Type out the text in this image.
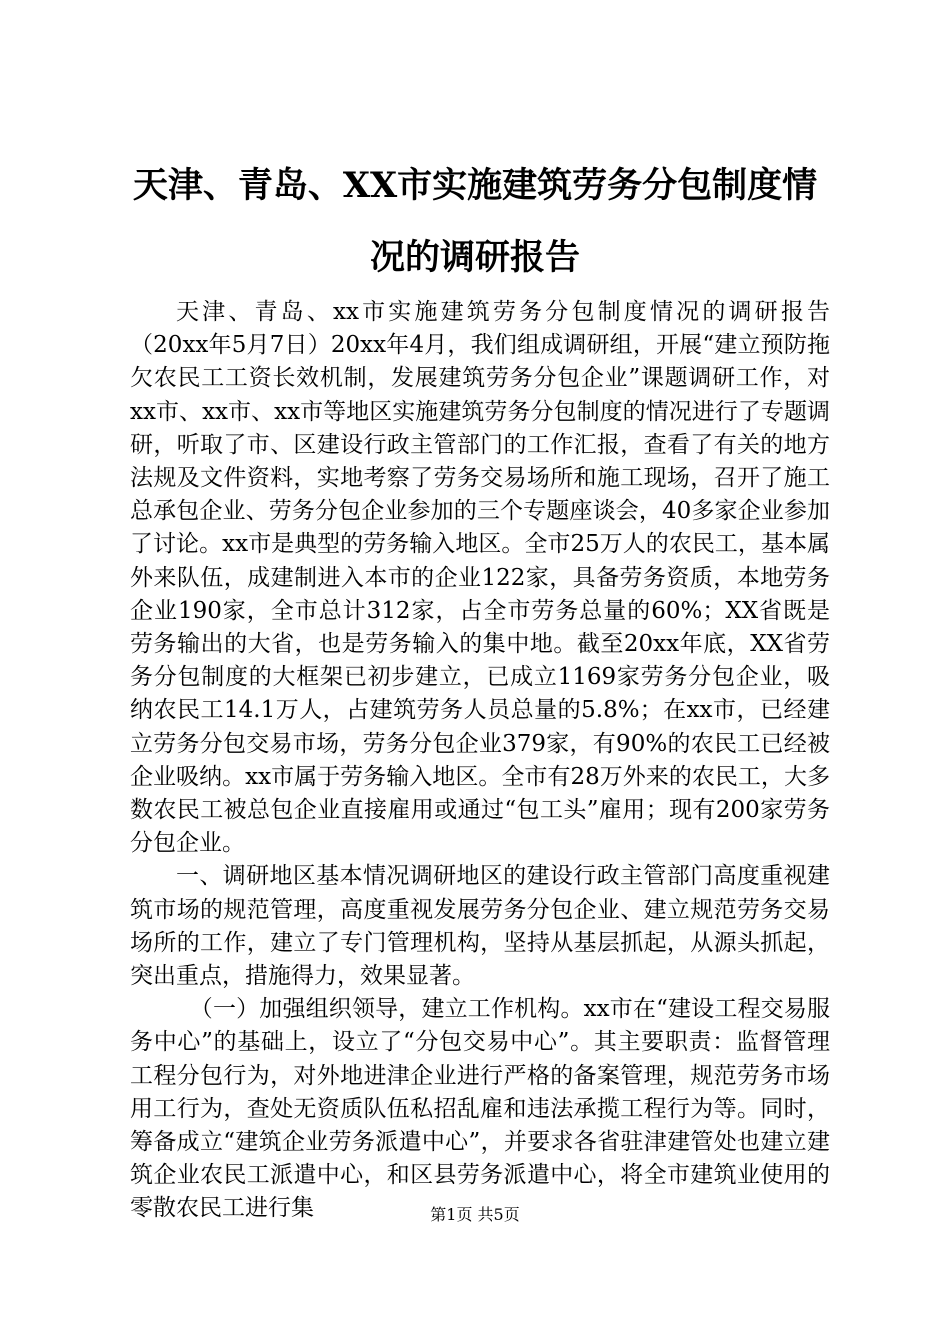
天津、青岛、XX市实施建筑劳务分包制度情况的调研报告

天津、青岛、xx市实施建筑劳务分包制度情况的调研报告（20xx年5月7日）20xx年4月，我们组成调研组，开展“建立预防拖欠农民工工资长效机制，发展建筑劳务分包企业”课题调研工作，对xx市、xx市、xx市等地区实施建筑劳务分包制度的情况进行了专题调研，听取了市、区建设行政主管部门的工作汇报，查看了有关的地方法规及文件资料，实地考察了劳务交易场所和施工现场，召开了施工总承包企业、劳务分包企业参加的三个专题座谈会，40多家企业参加了讨论。xx市是典型的劳务输入地区。全市25万人的农民工，基本属外来队伍，成建制进入本市的企业122家，具备劳务资质，本地劳务企业190家，全市总计312家，占全市劳务总量的60%；XX省既是劳务输出的大省，也是劳务输入的集中地。截至20xx年底，XX省劳务分包制度的大框架已初步建立，已成立1169家劳务分包企业，吸纳农民工14.1万人，占建筑劳务人员总量的5.8%；在xx市，已经建立劳务分包交易市场，劳务分包企业379家，有90%的农民工已经被企业吸纳。xx市属于劳务输入地区。全市有28万外来的农民工，大多数农民工被总包企业直接雇用或通过“包工头”雇用；现有200家劳务分包企业。

一、调研地区基本情况调研地区的建设行政主管部门高度重视建筑市场的规范管理，高度重视发展劳务分包企业、建立规范劳务交易场所的工作，建立了专门管理机构，坚持从基层抓起，从源头抓起，突出重点，措施得力，效果显著。

（一）加强组织领导，建立工作机构。xx市在“建设工程交易服务中心”的基础上，设立了“分包交易中心”。其主要职责：监督管理工程分包行为，对外地进津企业进行严格的备案管理，规范劳务市场用工行为，查处无资质队伍私招乱雇和违法承揽工程行为等。同时，筹备成立“建筑企业劳务派遣中心”，并要求各省驻津建管处也建立建筑企业农民工派遣中心，和区县劳务派遣中心，将全市建筑业使用的零散农民工进行集	第1页 共5页
